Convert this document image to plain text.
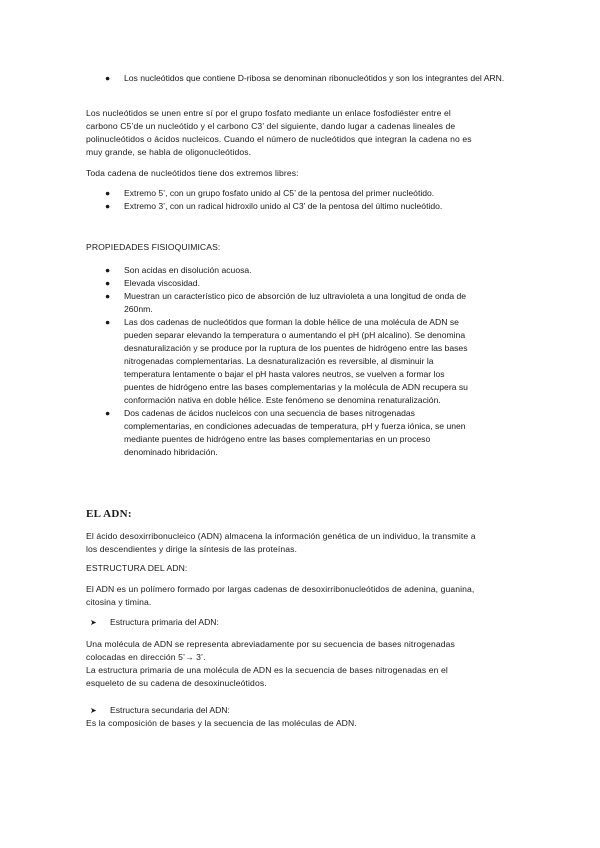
● Los nucleótidos que contiene D-ribosa se denominan ribonucleótidos y son los integrantes del ARN.
Los nucleótidos se unen entre sí por el grupo fosfato mediante un enlace fosfodiéster entre el
carbono C5’de un nucleótido y el carbono C3’ del siguiente, dando lugar a cadenas lineales de
polinucleótidos o ácidos nucleicos. Cuando el número de nucleótidos que integran la cadena no es
muy grande, se habla de oligonucleótidos.
Toda cadena de nucleótidos tiene dos extremos libres:
● Extremo 5’, con un grupo fosfato unido al C5’ de la pentosa del primer nucleótido.
● Extremo 3’, con un radical hidroxilo unido al C3’ de la pentosa del último nucleótido.
PROPIEDADES FISIOQUIMICAS:
● Son acidas en disolución acuosa.
● Elevada viscosidad.
● Muestran un característico pico de absorción de luz ultravioleta a una longitud de onda de
260nm.
● Las dos cadenas de nucleótidos que forman la doble hélice de una molécula de ADN se
pueden separar elevando la temperatura o aumentando el pH (pH alcalino). Se denomina
desnaturalización y se produce por la ruptura de los puentes de hidrógeno entre las bases
nitrogenadas complementarias. La desnaturalización es reversible, al disminuir la
temperatura lentamente o bajar el pH hasta valores neutros, se vuelven a formar los
puentes de hidrógeno entre las bases complementarias y la molécula de ADN recupera su
conformación nativa en doble hélice. Este fenómeno se denomina renaturalización.
● Dos cadenas de ácidos nucleicos con una secuencia de bases nitrogenadas
complementarias, en condiciones adecuadas de temperatura, pH y fuerza iónica, se unen
mediante puentes de hidrógeno entre las bases complementarias en un proceso
denominado hibridación.
EL ADN:
El ácido desoxirribonucleico (ADN) almacena la información genética de un individuo, la transmite a
los descendientes y dirige la síntesis de las proteínas.
ESTRUCTURA DEL ADN:
El ADN es un polímero formado por largas cadenas de desoxirribonucleótidos de adenina, guanina,
citosina y timina.
➤ Estructura primaria del ADN:
Una molécula de ADN se representa abreviadamente por su secuencia de bases nitrogenadas
colocadas en dirección 5’→ 3’.
La estructura primaria de una molécula de ADN es la secuencia de bases nitrogenadas en el
esqueleto de su cadena de desoxinucleótidos.
➤ Estructura secundaria del ADN:
Es la composición de bases y la secuencia de las moléculas de ADN.
